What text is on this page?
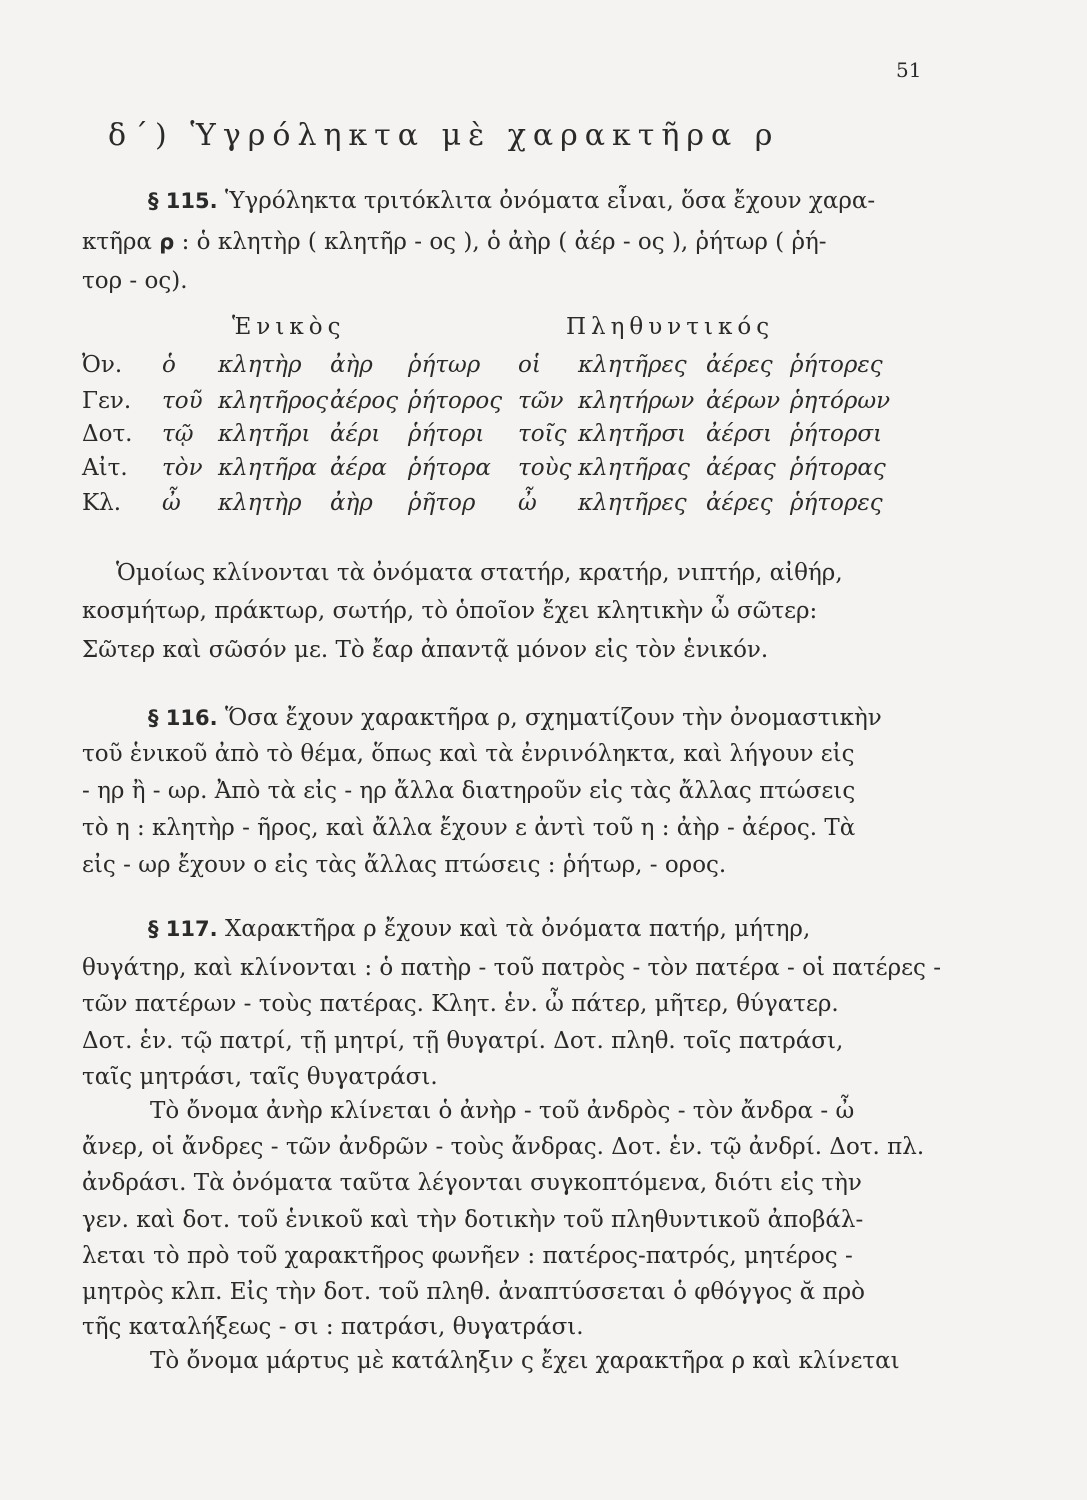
51
δ΄) Ὑγρόληκτα μὲ χαρακτῆρα ρ
§ 115. Ὑγρόληκτα τριτόκλιτα ὀνόματα εἶναι, ὅσα ἔχουν χαρα-
κτῆρα ρ : ὁ κλητὴρ ( κλητῆρ - ος ), ὁ ἀὴρ ( ἀέρ - ος ), ῥήτωρ ( ῥή-
τορ - ος).
Ἑνικὸς	Πληθυντικός
Ὀν. ὁ κλητὴρ ἀὴρ ῥήτωρ οἱ κλητῆρες ἀέρες ῥήτορες
Γεν. τοῦ κλητῆρος ἀέρος ῥήτορος τῶν κλητήρων ἀέρων ῥητόρων
Δοτ. τῷ κλητῆρι ἀέρι ῥήτορι τοῖς κλητῆρσι ἀέρσι ῥήτορσι
Αἰτ. τὸν κλητῆρα ἀέρα ῥήτορα τοὺς κλητῆρας ἀέρας ῥήτορας
Κλ. ὦ κλητὴρ ἀὴρ ῥῆτορ ὦ κλητῆρες ἀέρες ῥήτορες
Ὁμοίως κλίνονται τὰ ὀνόματα στατήρ, κρατήρ, νιπτήρ, αἰθήρ,
κοσμήτωρ, πράκτωρ, σωτήρ, τὸ ὁποῖον ἔχει κλητικὴν ὦ σῶτερ:
Σῶτερ καὶ σῶσόν με. Τὸ ἔαρ ἀπαντᾷ μόνον εἰς τὸν ἑνικόν.
§ 116. Ὅσα ἔχουν χαρακτῆρα ρ, σχηματίζουν τὴν ὀνομαστικὴν
τοῦ ἑνικοῦ ἀπὸ τὸ θέμα, ὅπως καὶ τὰ ἐνρινόληκτα, καὶ λήγουν εἰς
- ηρ ἢ - ωρ. Ἀπὸ τὰ εἰς - ηρ ἄλλα διατηροῦν εἰς τὰς ἄλλας πτώσεις
τὸ η : κλητὴρ - ῆρος, καὶ ἄλλα ἔχουν ε ἀντὶ τοῦ η : ἀὴρ - ἀέρος. Τὰ
εἰς - ωρ ἔχουν ο εἰς τὰς ἄλλας πτώσεις : ῥήτωρ, - ορος.
§ 117. Χαρακτῆρα ρ ἔχουν καὶ τὰ ὀνόματα πατήρ, μήτηρ,
θυγάτηρ, καὶ κλίνονται : ὁ πατὴρ - τοῦ πατρὸς - τὸν πατέρα - οἱ πατέρες -
τῶν πατέρων - τοὺς πατέρας. Κλητ. ἑν. ὦ πάτερ, μῆτερ, θύγατερ.
Δοτ. ἑν. τῷ πατρί, τῇ μητρί, τῇ θυγατρί. Δοτ. πληθ. τοῖς πατράσι,
ταῖς μητράσι, ταῖς θυγατράσι.
Τὸ ὄνομα ἀνὴρ κλίνεται ὁ ἀνὴρ - τοῦ ἀνδρὸς - τὸν ἄνδρα - ὦ
ἄνερ, οἱ ἄνδρες - τῶν ἀνδρῶν - τοὺς ἄνδρας. Δοτ. ἑν. τῷ ἀνδρί. Δοτ. πλ.
ἀνδράσι. Τὰ ὀνόματα ταῦτα λέγονται συγκοπτόμενα, διότι εἰς τὴν
γεν. καὶ δοτ. τοῦ ἑνικοῦ καὶ τὴν δοτικὴν τοῦ πληθυντικοῦ ἀποβάλ-
λεται τὸ πρὸ τοῦ χαρακτῆρος φωνῆεν : πατέρος-πατρός, μητέρος -
μητρὸς κλπ. Εἰς τὴν δοτ. τοῦ πληθ. ἀναπτύσσεται ὁ φθόγγος ᾰ πρὸ
τῆς καταλήξεως - σι : πατράσι, θυγατράσι.
Τὸ ὄνομα μάρτυς μὲ κατάληξιν ς ἔχει χαρακτῆρα ρ καὶ κλίνεται
